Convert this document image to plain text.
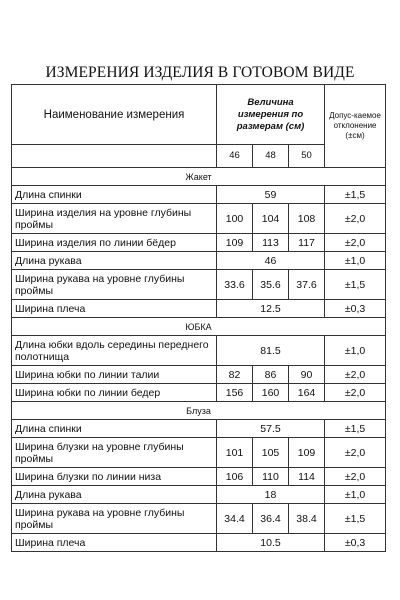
ИЗМЕРЕНИЯ ИЗДЕЛИЯ В ГОТОВОМ ВИДЕ
Наименование измерения	Величина измерения по размерам (см)			Допус-каемое отклонение (±см)
	46	48	50	
Жакет				
Длина спинки	59			±1,5
Ширина изделия на уровне глубины проймы	100	104	108	±2,0
Ширина изделия по линии бёдер	109	113	117	±2,0
Длина рукава	46			±1,0
Ширина рукава на уровне глубины проймы	33.6	35.6	37.6	±1,5
Ширина плеча	12.5			±0,3
ЮБКА				
Длина юбки вдоль середины переднего полотнища	81.5			±1,0
Ширина юбки по линии талии	82	86	90	±2,0
Ширина юбки по линии бедер	156	160	164	±2,0
Блуза				
Длина спинки	57.5			±1,5
Ширина блузки на уровне глубины проймы	101	105	109	±2,0
Ширина блузки по линии низа	106	110	114	±2,0
Длина рукава	18			±1,0
Ширина рукава на уровне глубины проймы	34.4	36.4	38.4	±1,5
Ширина плеча	10.5			±0,3
